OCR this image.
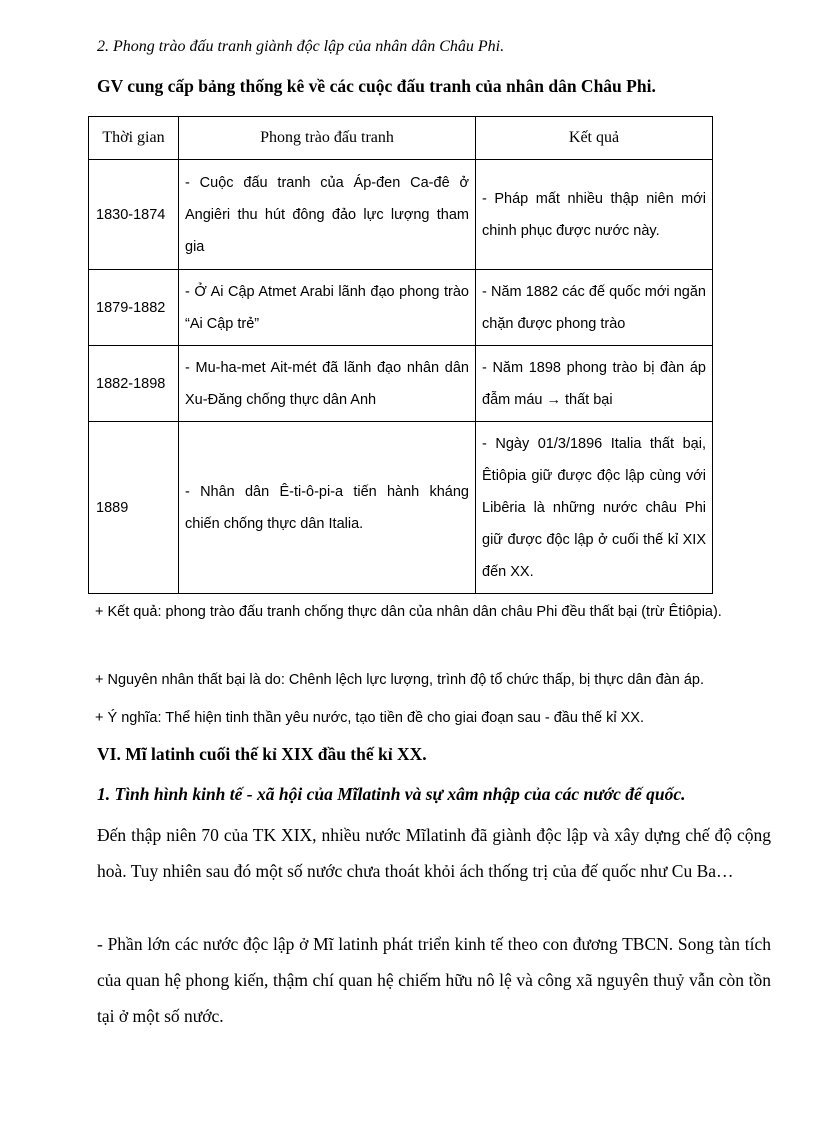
2. Phong trào đấu tranh giành độc lập của nhân dân Châu Phi.
GV cung cấp bảng thống kê về các cuộc đấu tranh của nhân dân Châu Phi.
Thời gian	Phong trào đấu tranh	Kết quả
1830-1874	- Cuộc đấu tranh của Áp-đen Ca-đê ở Angiêri thu hút đông đảo lực lượng tham gia	- Pháp mất nhiều thập niên mới chinh phục được nước này.
1879-1882	- Ở Ai Cập Atmet Arabi lãnh đạo phong trào “Ai Cập trẻ”	- Năm 1882 các đế quốc mới ngăn chặn được phong trào
1882-1898	- Mu-ha-met Ait-mét đã lãnh đạo nhân dân Xu-Đăng chống thực dân Anh	- Năm 1898 phong trào bị đàn áp đẫm máu → thất bại
1889	- Nhân dân Ê-ti-ô-pi-a tiến hành kháng chiến chống thực dân Italia.	- Ngày 01/3/1896 Italia thất bại, Êtiôpia giữ được độc lập cùng với Libêria là những nước châu Phi giữ được độc lập ở cuối thế kỉ XIX đến XX.
+ Kết quả: phong trào đấu tranh chống thực dân của nhân dân châu Phi đều thất bại (trừ Êtiôpia).
+ Nguyên nhân thất bại là do: Chênh lệch lực lượng, trình độ tổ chức thấp, bị thực dân đàn áp.
+ Ý nghĩa: Thể hiện tinh thần yêu nước, tạo tiền đề cho giai đoạn sau - đầu thế kỉ XX.
VI. Mĩ latinh cuối thế kỉ XIX đầu thế kỉ XX.
1. Tình hình kinh tế - xã hội của Mĩlatinh và sự xâm nhập của các nước đế quốc.
Đến thập niên 70 của TK XIX, nhiều nước Mĩlatinh đã giành độc lập và xây dựng chế độ cộng hoà. Tuy nhiên sau đó một số nước chưa thoát khỏi ách thống trị của đế quốc như Cu Ba…
- Phần lớn các nước độc lập ở Mĩ latinh phát triển kinh tế theo con đương TBCN. Song tàn tích của quan hệ phong kiến, thậm chí quan hệ chiếm hữu nô lệ và công xã nguyên thuỷ vẫn còn tồn tại ở một số nước.
